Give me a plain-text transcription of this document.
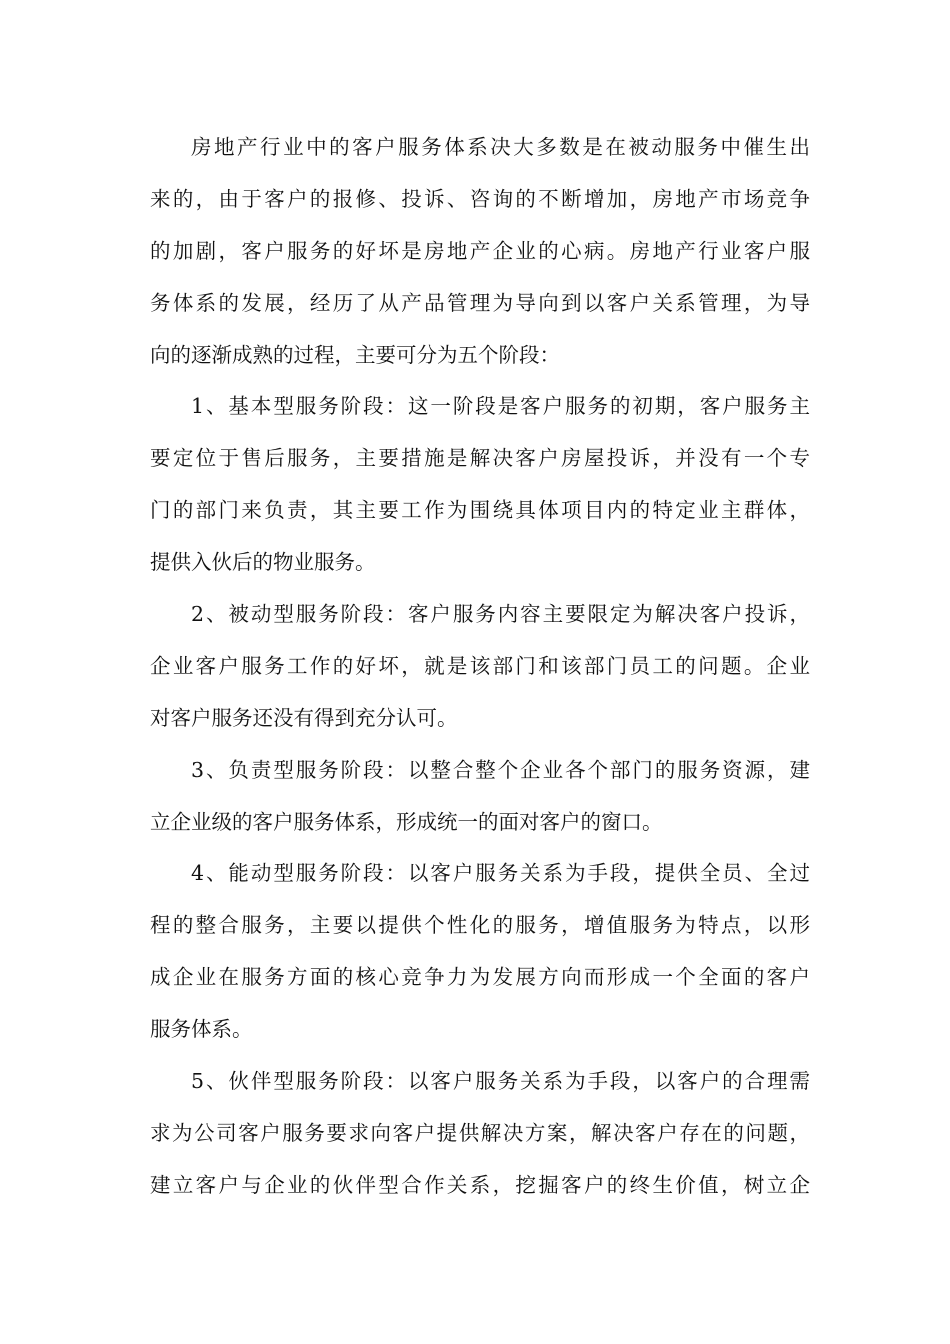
房地产行业中的客户服务体系决大多数是在被动服务中催生出
来的，由于客户的报修、投诉、咨询的不断增加，房地产市场竞争
的加剧，客户服务的好坏是房地产企业的心病。房地产行业客户服
务体系的发展，经历了从产品管理为导向到以客户关系管理，为导
向的逐渐成熟的过程，主要可分为五个阶段：
1、基本型服务阶段：这一阶段是客户服务的初期，客户服务主
要定位于售后服务，主要措施是解决客户房屋投诉，并没有一个专
门的部门来负责，其主要工作为围绕具体项目内的特定业主群体，
提供入伙后的物业服务。
2、被动型服务阶段：客户服务内容主要限定为解决客户投诉，
企业客户服务工作的好坏，就是该部门和该部门员工的问题。企业
对客户服务还没有得到充分认可。
3、负责型服务阶段：以整合整个企业各个部门的服务资源，建
立企业级的客户服务体系，形成统一的面对客户的窗口。
4、能动型服务阶段：以客户服务关系为手段，提供全员、全过
程的整合服务，主要以提供个性化的服务，增值服务为特点，以形
成企业在服务方面的核心竞争力为发展方向而形成一个全面的客户
服务体系。
5、伙伴型服务阶段：以客户服务关系为手段，以客户的合理需
求为公司客户服务要求向客户提供解决方案，解决客户存在的问题，
建立客户与企业的伙伴型合作关系，挖掘客户的终生价值，树立企
